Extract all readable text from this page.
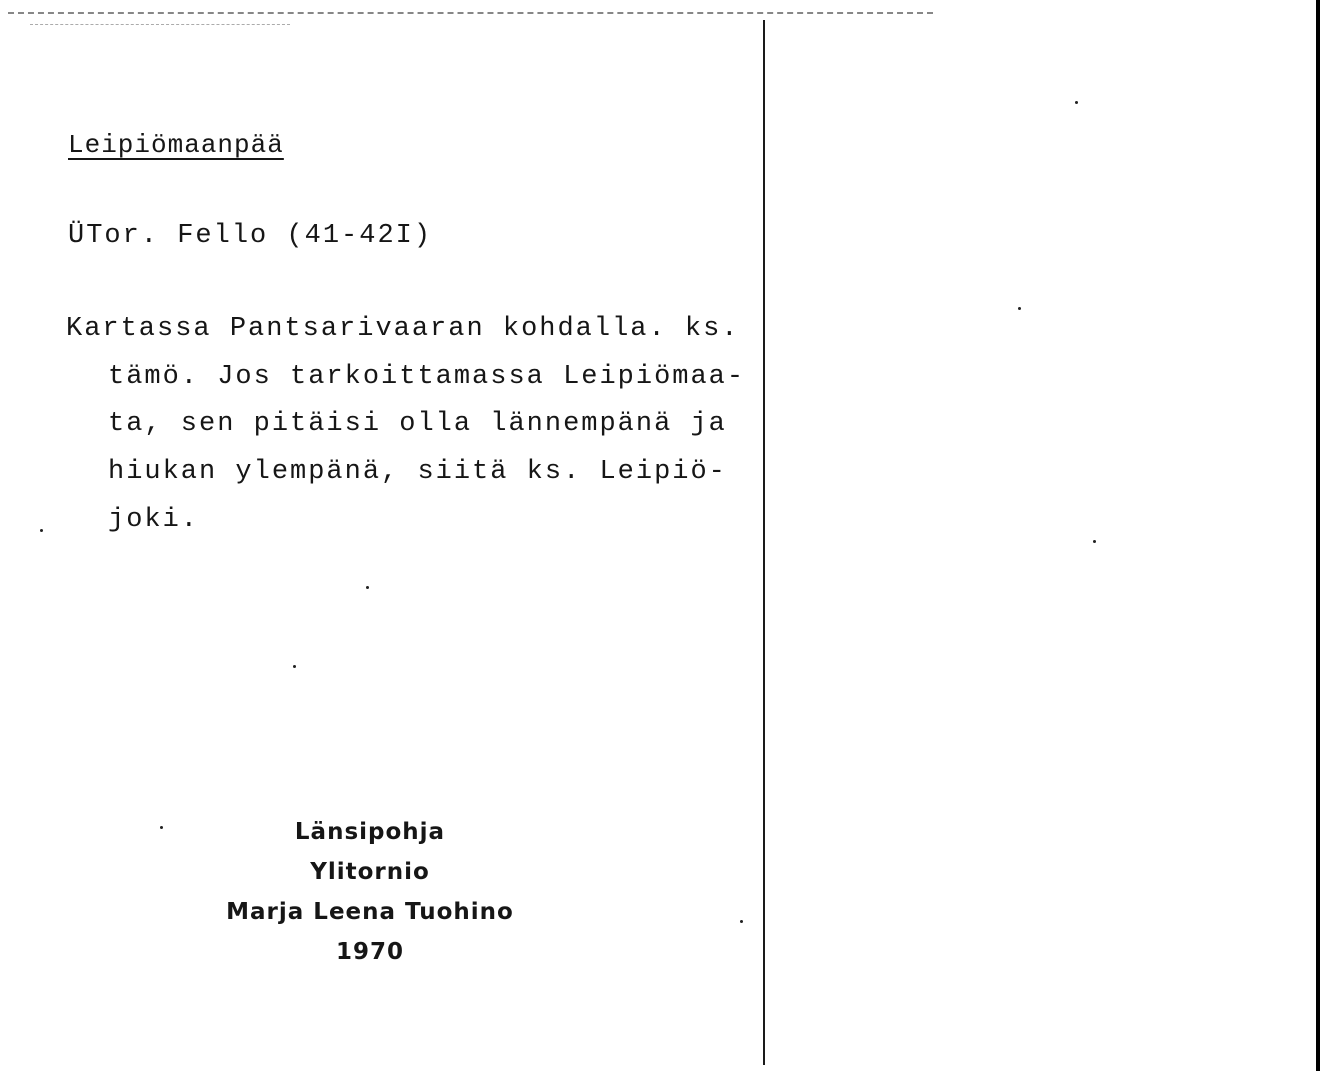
Leipiömaanpää
ÜTor. Fello (41-42I)
Kartassa Pantsarivaaran kohdalla. ks.
tämö. Jos tarkoittamassa Leipiömaa-
ta, sen pitäisi olla lännempänä ja
hiukan ylempänä, siitä ks. Leipiö-
joki.
Länsipohja
Ylitornio
Marja Leena Tuohino
1970
